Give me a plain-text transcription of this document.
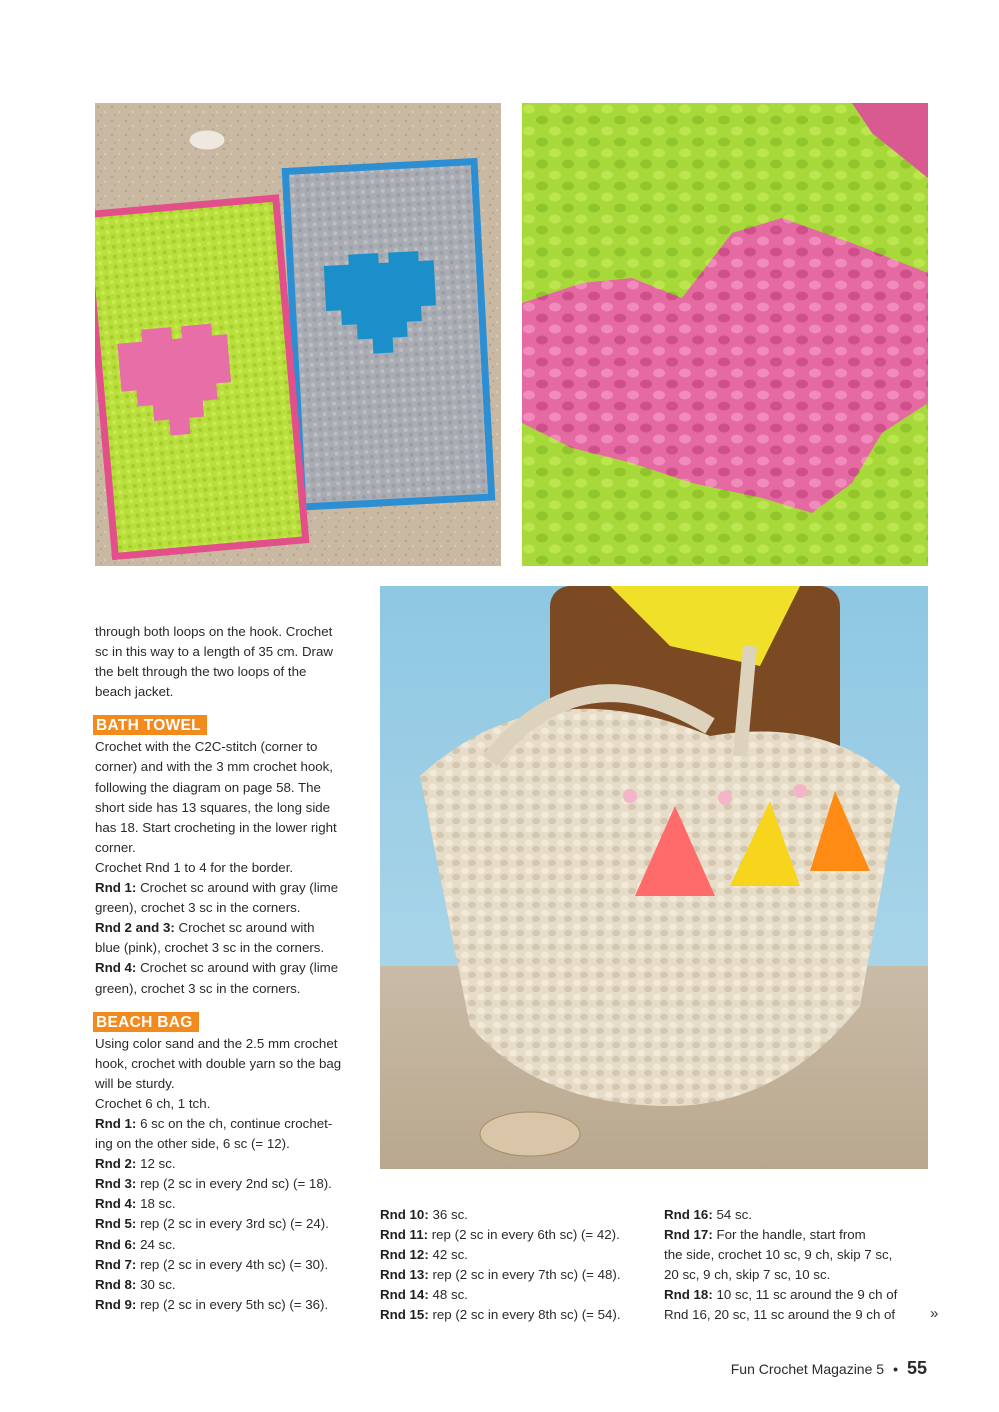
through both loops on the hook. Crochet

sc in this way to a length of 35 cm. Draw

the belt through the two loops of the

beach jacket.

BATH TOWEL

Crochet with the C2C-stitch (corner to

corner) and with the 3 mm crochet hook,

following the diagram on page 58. The

short side has 13 squares, the long side

has 18. Start crocheting in the lower right

corner.

Crochet Rnd 1 to 4 for the border.

Rnd 1: Crochet sc around with gray (lime

green), crochet 3 sc in the corners.

Rnd 2 and 3: Crochet sc around with

blue (pink), crochet 3 sc in the corners.

Rnd 4: Crochet sc around with gray (lime

green), crochet 3 sc in the corners.

BEACH BAG

Using color sand and the 2.5 mm crochet

hook, crochet with double yarn so the bag

will be sturdy.

Crochet 6 ch, 1 tch.

Rnd 1: 6 sc on the ch, continue crochet-

ing on the other side, 6 sc (= 12).

Rnd 2: 12 sc.

Rnd 3: rep (2 sc in every 2nd sc) (= 18).

Rnd 4: 18 sc.

Rnd 5: rep (2 sc in every 3rd sc) (= 24).

Rnd 6: 24 sc.

Rnd 7: rep (2 sc in every 4th sc) (= 30).

Rnd 8: 30 sc.

Rnd 9: rep (2 sc in every 5th sc) (= 36).

Rnd 10: 36 sc.

Rnd 11: rep (2 sc in every 6th sc) (= 42).

Rnd 12: 42 sc.

Rnd 13: rep (2 sc in every 7th sc) (= 48).

Rnd 14: 48 sc.

Rnd 15: rep (2 sc in every 8th sc) (= 54).

Rnd 16: 54 sc.

Rnd 17: For the handle, start from

the side, crochet 10 sc, 9 ch, skip 7 sc,

20 sc, 9 ch, skip 7 sc, 10 sc.

Rnd 18: 10 sc, 11 sc around the 9 ch of

Rnd 16, 20 sc, 11 sc around the 9 ch of	»
Fun Crochet Magazine 5 • 55
